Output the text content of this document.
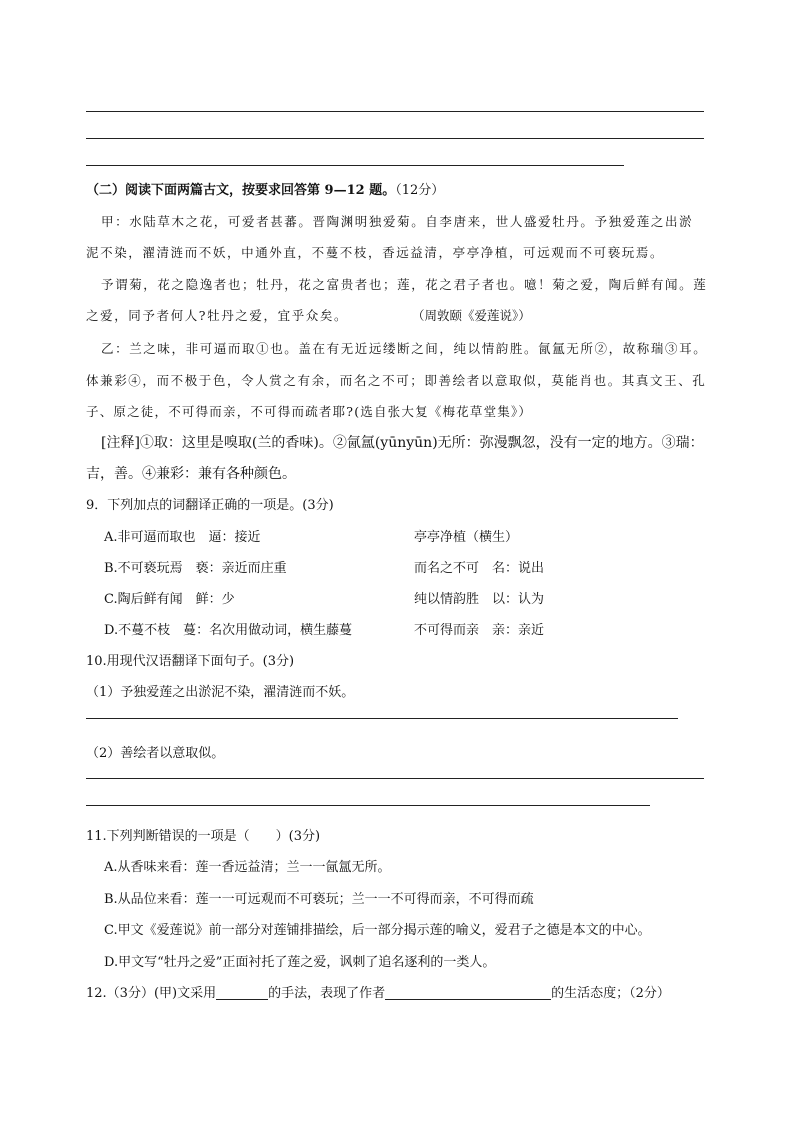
（二）阅读下面两篇古文，按要求回答第 9—12 题。（12分）
甲：水陆草木之花，可爱者甚蕃。晋陶渊明独爱菊。自李唐来，世人盛爱牡丹。予独爱莲之出淤
泥不染，濯清涟而不妖，中通外直，不蔓不枝，香远益清，亭亭净植，可远观而不可亵玩焉。
予谓菊，花之隐逸者也；牡丹，花之富贵者也；莲，花之君子者也。噫！菊之爱，陶后鲜有闻。莲
之爱，同予者何人?牡丹之爱，宜乎众矣。	（周敦颐《爱莲说》）
乙：兰之味，非可逼而取①也。盖在有无近远缕断之间，纯以情韵胜。氤氲无所②，故称瑞③耳。
体兼彩④，而不极于色，令人赏之有余，而名之不可；即善绘者以意取似，莫能肖也。其真文王、孔
子、原之徒，不可得而亲，不可得而疏者耶?(选自张大复《梅花草堂集》）
[注释]①取：这里是嗅取(兰的香味)。②氤氲(yūnyūn)无所：弥漫飘忽，没有一定的地方。③瑞：
吉，善。④兼彩：兼有各种颜色。
9．下列加点的词翻译正确的一项是。(3分)
A.非可逼而取也　逼：接近	亭亭净植（横生）
B.不可亵玩焉　亵：亲近而庄重	而名之不可　名：说出
C.陶后鲜有闻　鲜：少	纯以情韵胜　以：认为
D.不蔓不枝　蔓：名次用做动词，横生藤蔓	不可得而亲　亲：亲近
10.用现代汉语翻译下面句子。(3分)
（1）予独爱莲之出淤泥不染，濯清涟而不妖。
（2）善绘者以意取似。
11.下列判断错误的一项是（　　）(3分)
A.从香味来看：莲一香远益清；兰一一氤氲无所。
B.从品位来看：莲一一可远观而不可亵玩；兰一一不可得而亲，不可得而疏
C.甲文《爱莲说》前一部分对莲铺排描绘，后一部分揭示莲的喻义，爱君子之德是本文的中心。
D.甲文写“牡丹之爱”正面衬托了莲之爱，讽刺了追名逐利的一类人。
12.（3分）(甲)文采用	的手法，表现了作者	的生活态度；（2分）
